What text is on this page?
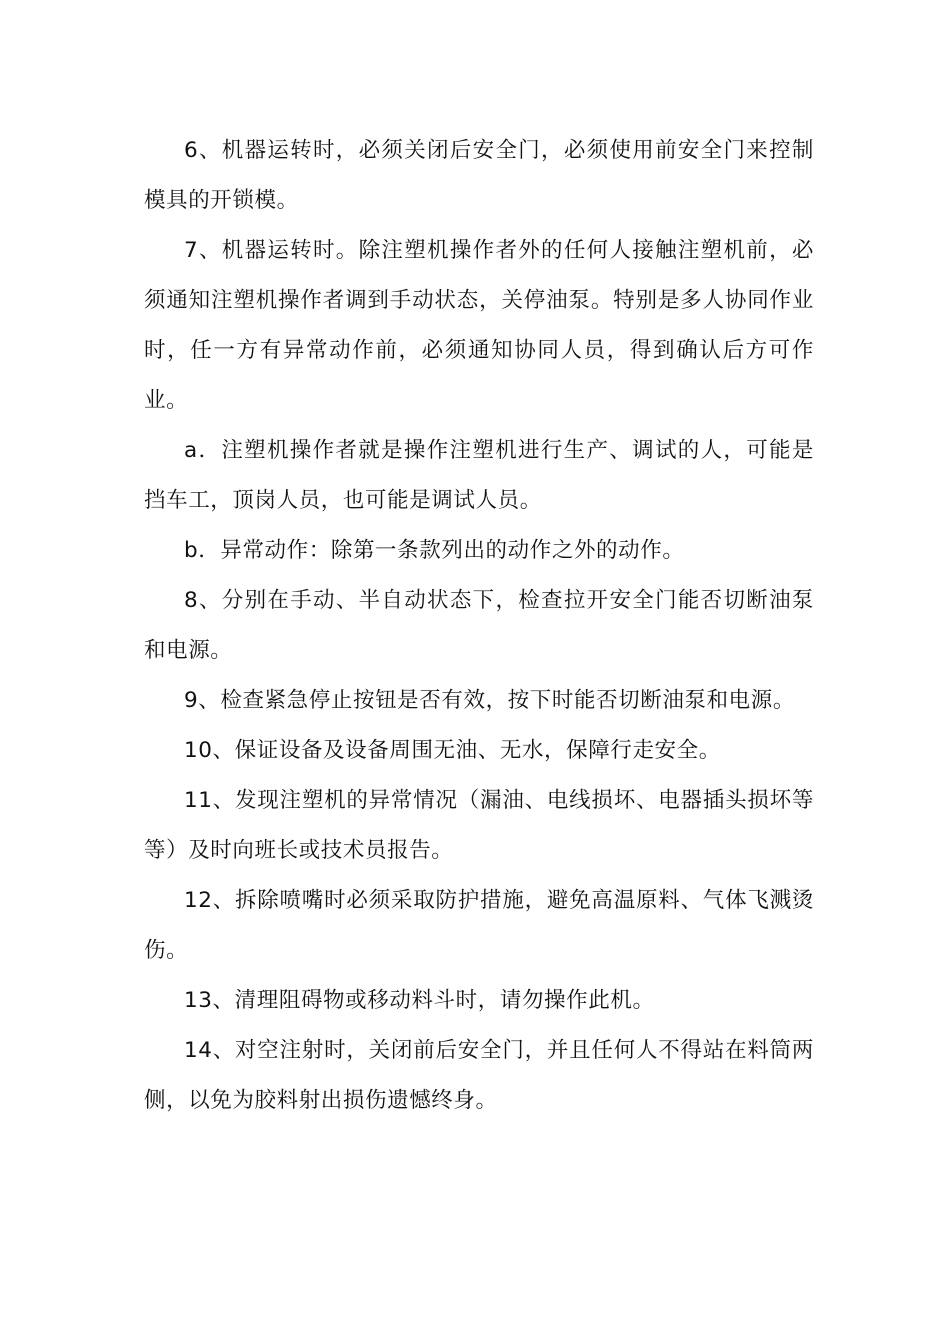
6、机器运转时，必须关闭后安全门，必须使用前安全门来控制模具的开锁模。

7、机器运转时。除注塑机操作者外的任何人接触注塑机前，必须通知注塑机操作者调到手动状态，关停油泵。特别是多人协同作业时，任一方有异常动作前，必须通知协同人员，得到确认后方可作业。

a．注塑机操作者就是操作注塑机进行生产、调试的人，可能是挡车工，顶岗人员，也可能是调试人员。

b．异常动作：除第一条款列出的动作之外的动作。

8、分别在手动、半自动状态下，检查拉开安全门能否切断油泵和电源。

9、检查紧急停止按钮是否有效，按下时能否切断油泵和电源。

10、保证设备及设备周围无油、无水，保障行走安全。

11、发现注塑机的异常情况（漏油、电线损坏、电器插头损坏等等）及时向班长或技术员报告。

12、拆除喷嘴时必须采取防护措施，避免高温原料、气体飞溅烫伤。

13、清理阻碍物或移动料斗时，请勿操作此机。

14、对空注射时，关闭前后安全门，并且任何人不得站在料筒两侧，以免为胶料射出损伤遗憾终身。
